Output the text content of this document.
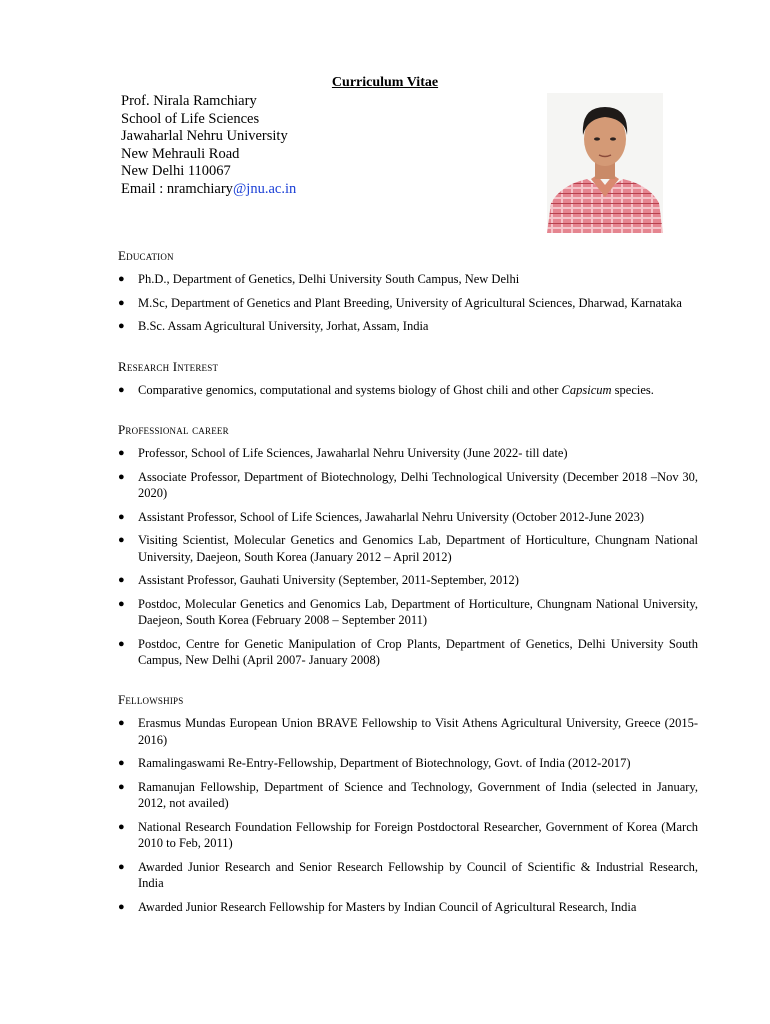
Curriculum Vitae
Prof. Nirala Ramchiary
School of Life Sciences
Jawaharlal Nehru University
New Mehrauli Road
New Delhi 110067
Email : nramchiary@jnu.ac.in

Education

● Ph.D., Department of Genetics, Delhi University South Campus, New Delhi
● M.Sc, Department of Genetics and Plant Breeding, University of Agricultural Sciences, Dharwad, Karnataka
● B.Sc. Assam Agricultural University, Jorhat, Assam, India

Research Interest

● Comparative genomics, computational and systems biology of Ghost chili and other Capsicum species.

Professional career

● Professor, School of Life Sciences, Jawaharlal Nehru University (June 2022- till date)
● Associate Professor, Department of Biotechnology, Delhi Technological University (December 2018 –Nov 30, 2020)
● Assistant Professor, School of Life Sciences, Jawaharlal Nehru University (October 2012-June 2023)
● Visiting Scientist, Molecular Genetics and Genomics Lab, Department of Horticulture, Chungnam National University, Daejeon, South Korea (January 2012 – April 2012)
● Assistant Professor, Gauhati University (September, 2011-September, 2012)
● Postdoc, Molecular Genetics and Genomics Lab, Department of Horticulture, Chungnam National University, Daejeon, South Korea (February 2008 – September 2011)
● Postdoc, Centre for Genetic Manipulation of Crop Plants, Department of Genetics, Delhi University South Campus, New Delhi (April 2007- January 2008)

Fellowships

● Erasmus Mundas European Union BRAVE Fellowship to Visit Athens Agricultural University, Greece (2015-2016)
● Ramalingaswami Re-Entry-Fellowship, Department of Biotechnology, Govt. of India (2012-2017)
● Ramanujan Fellowship, Department of Science and Technology, Government of India (selected in January, 2012, not availed)
● National Research Foundation Fellowship for Foreign Postdoctoral Researcher, Government of Korea (March 2010 to Feb, 2011)
● Awarded Junior Research and Senior Research Fellowship by Council of Scientific & Industrial Research, India
● Awarded Junior Research Fellowship for Masters by Indian Council of Agricultural Research, India
